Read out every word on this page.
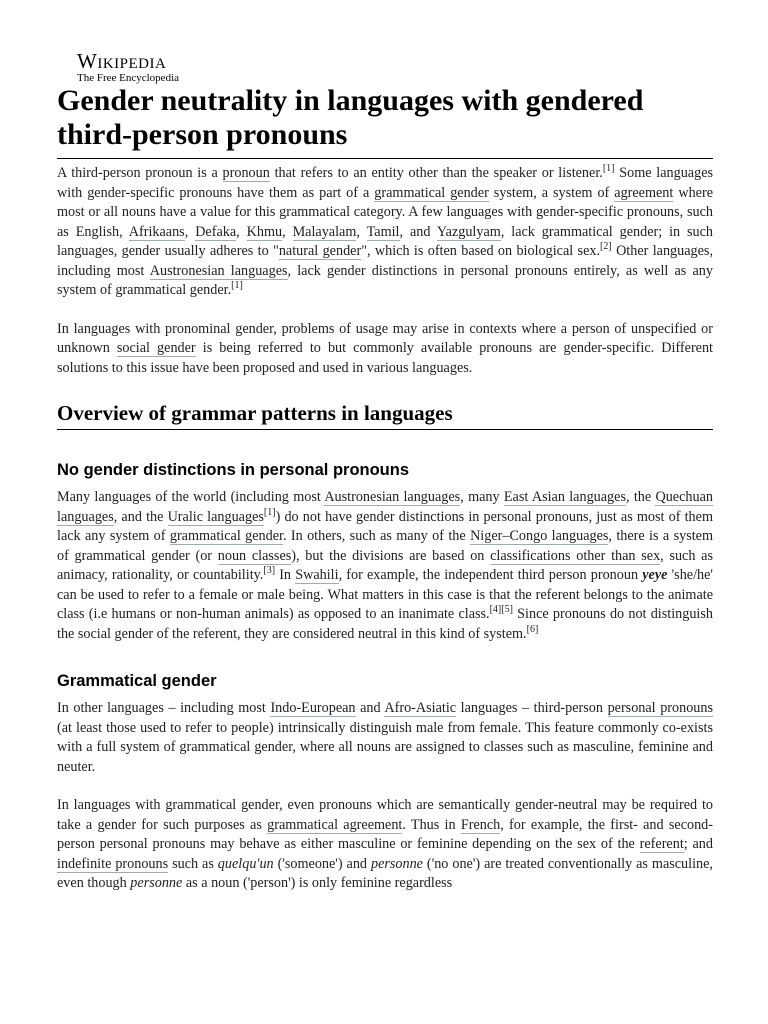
Wikipedia
The Free Encyclopedia
Gender neutrality in languages with gendered third-person pronouns

A third-person pronoun is a pronoun that refers to an entity other than the speaker or listener.[1] Some languages with gender-specific pronouns have them as part of a grammatical gender system, a system of agreement where most or all nouns have a value for this grammatical category. A few languages with gender-specific pronouns, such as English, Afrikaans, Defaka, Khmu, Malayalam, Tamil, and Yazgulyam, lack grammatical gender; in such languages, gender usually adheres to "natural gender", which is often based on biological sex.[2] Other languages, including most Austronesian languages, lack gender distinctions in personal pronouns entirely, as well as any system of grammatical gender.[1]

In languages with pronominal gender, problems of usage may arise in contexts where a person of unspecified or unknown social gender is being referred to but commonly available pronouns are gender-specific. Different solutions to this issue have been proposed and used in various languages.

Overview of grammar patterns in languages
No gender distinctions in personal pronouns

Many languages of the world (including most Austronesian languages, many East Asian languages, the Quechuan languages, and the Uralic languages[1]) do not have gender distinctions in personal pronouns, just as most of them lack any system of grammatical gender. In others, such as many of the Niger–Congo languages, there is a system of grammatical gender (or noun classes), but the divisions are based on classifications other than sex, such as animacy, rationality, or countability.[3] In Swahili, for example, the independent third person pronoun yeye 'she/he' can be used to refer to a female or male being. What matters in this case is that the referent belongs to the animate class (i.e humans or non-human animals) as opposed to an inanimate class.[4][5] Since pronouns do not distinguish the social gender of the referent, they are considered neutral in this kind of system.[6]

Grammatical gender

In other languages – including most Indo-European and Afro-Asiatic languages – third-person personal pronouns (at least those used to refer to people) intrinsically distinguish male from female. This feature commonly co-exists with a full system of grammatical gender, where all nouns are assigned to classes such as masculine, feminine and neuter.

In languages with grammatical gender, even pronouns which are semantically gender-neutral may be required to take a gender for such purposes as grammatical agreement. Thus in French, for example, the first- and second-person personal pronouns may behave as either masculine or feminine depending on the sex of the referent; and indefinite pronouns such as quelqu'un ('someone') and personne ('no one') are treated conventionally as masculine, even though personne as a noun ('person') is only feminine regardless
